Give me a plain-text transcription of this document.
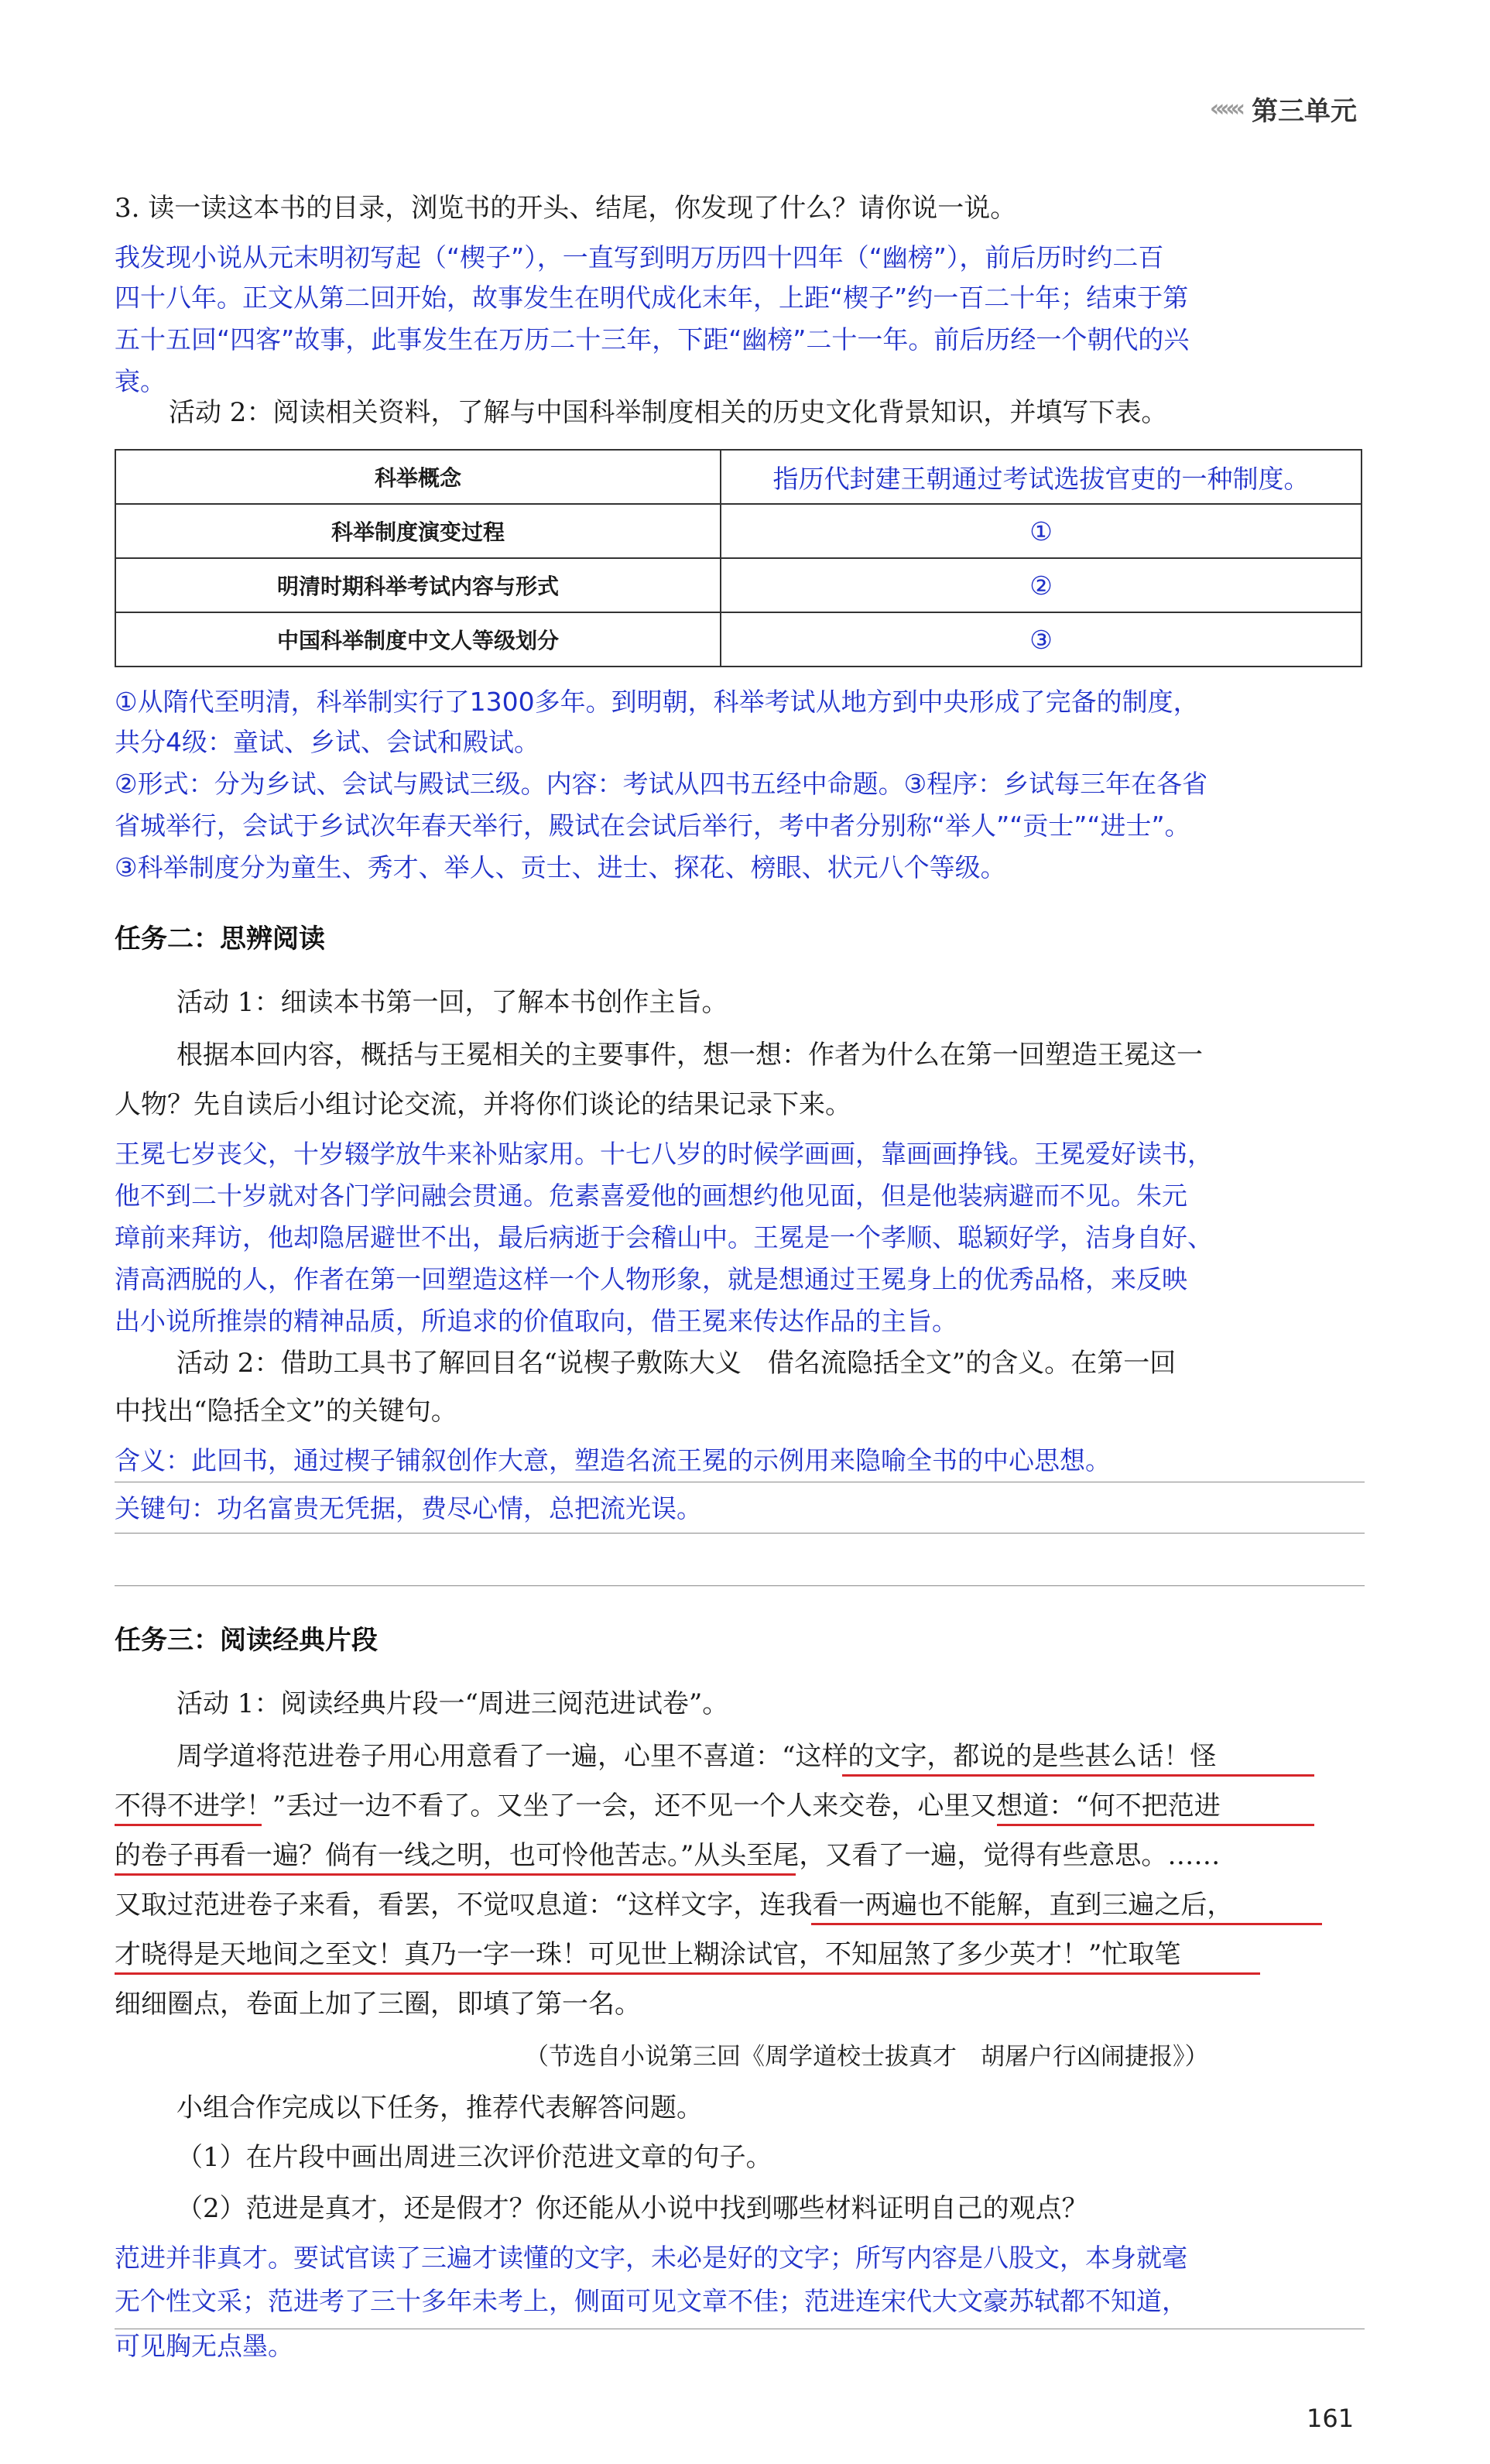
««« 第三单元
3. 读一读这本书的目录，浏览书的开头、结尾，你发现了什么？请你说一说。
我发现小说从元末明初写起（“楔子”），一直写到明万历四十四年（“幽榜”），前后历时约二百
四十八年。正文从第二回开始，故事发生在明代成化末年，上距“楔子”约一百二十年；结束于第
五十五回“四客”故事，此事发生在万历二十三年，下距“幽榜”二十一年。前后历经一个朝代的兴
衰。
活动 2：阅读相关资料，了解与中国科举制度相关的历史文化背景知识，并填写下表。
科举概念	指历代封建王朝通过考试选拔官吏的一种制度。
科举制度演变过程	①
明清时期科举考试内容与形式	②
中国科举制度中文人等级划分	③
①从隋代至明清，科举制实行了1300多年。到明朝，科举考试从地方到中央形成了完备的制度，
共分4级：童试、乡试、会试和殿试。
②形式：分为乡试、会试与殿试三级。内容：考试从四书五经中命题。③程序：乡试每三年在各省
省城举行，会试于乡试次年春天举行，殿试在会试后举行，考中者分别称“举人”“贡士”“进士”。
③科举制度分为童生、秀才、举人、贡士、进士、探花、榜眼、状元八个等级。
任务二：思辨阅读
活动 1：细读本书第一回，了解本书创作主旨。
根据本回内容，概括与王冕相关的主要事件，想一想：作者为什么在第一回塑造王冕这一
人物？先自读后小组讨论交流，并将你们谈论的结果记录下来。
王冕七岁丧父，十岁辍学放牛来补贴家用。十七八岁的时候学画画，靠画画挣钱。王冕爱好读书，
他不到二十岁就对各门学问融会贯通。危素喜爱他的画想约他见面，但是他装病避而不见。朱元
璋前来拜访，他却隐居避世不出，最后病逝于会稽山中。王冕是一个孝顺、聪颖好学，洁身自好、
清高洒脱的人，作者在第一回塑造这样一个人物形象，就是想通过王冕身上的优秀品格，来反映
出小说所推崇的精神品质，所追求的价值取向，借王冕来传达作品的主旨。
活动 2：借助工具书了解回目名“说楔子敷陈大义　借名流隐括全文”的含义。在第一回
中找出“隐括全文”的关键句。
含义：此回书，通过楔子铺叙创作大意，塑造名流王冕的示例用来隐喻全书的中心思想。
关键句：功名富贵无凭据，费尽心情，总把流光误。
任务三：阅读经典片段
活动 1：阅读经典片段一“周进三阅范进试卷”。
周学道将范进卷子用心用意看了一遍，心里不喜道：“这样的文字，都说的是些甚么话！怪
不得不进学！”丢过一边不看了。又坐了一会，还不见一个人来交卷，心里又想道：“何不把范进
的卷子再看一遍？倘有一线之明，也可怜他苦志。”从头至尾，又看了一遍，觉得有些意思。……
又取过范进卷子来看，看罢，不觉叹息道：“这样文字，连我看一两遍也不能解，直到三遍之后，
才晓得是天地间之至文！真乃一字一珠！可见世上糊涂试官，不知屈煞了多少英才！”忙取笔
细细圈点，卷面上加了三圈，即填了第一名。
（节选自小说第三回《周学道校士拔真才　胡屠户行凶闹捷报》）
小组合作完成以下任务，推荐代表解答问题。
（1）在片段中画出周进三次评价范进文章的句子。
（2）范进是真才，还是假才？你还能从小说中找到哪些材料证明自己的观点？
范进并非真才。要试官读了三遍才读懂的文字，未必是好的文字；所写内容是八股文，本身就毫
无个性文采；范进考了三十多年未考上，侧面可见文章不佳；范进连宋代大文豪苏轼都不知道，
可见胸无点墨。
161
